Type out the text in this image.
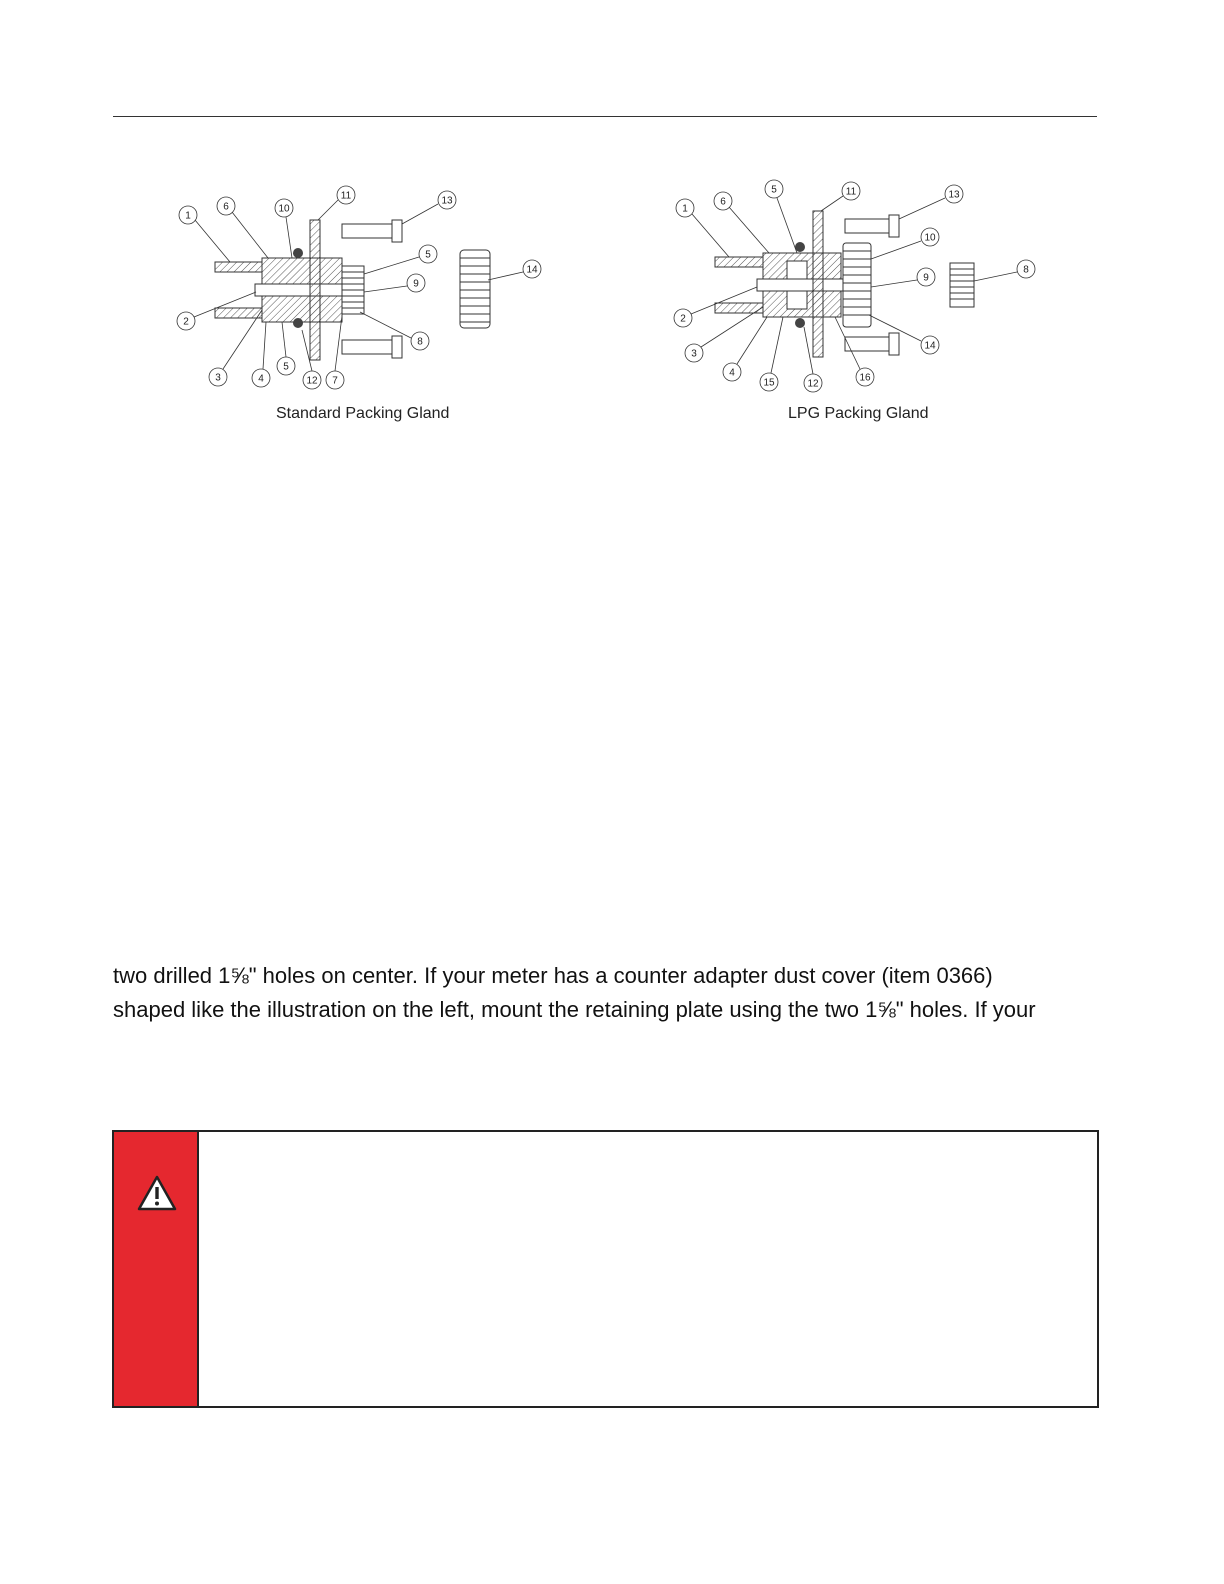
1
6	10
11	13
5
14
9
8
7
12
5
4
3
2
Standard Packing Gland
1
6
5	11	13
10
9
8
14
16
12
15
4
3
2
LPG Packing Gland
two drilled 1⅝" holes on center. If your meter has a counter adapter dust cover (item 0366)
shaped like the illustration on the left, mount the retaining plate using the two 1⅝" holes. If your
